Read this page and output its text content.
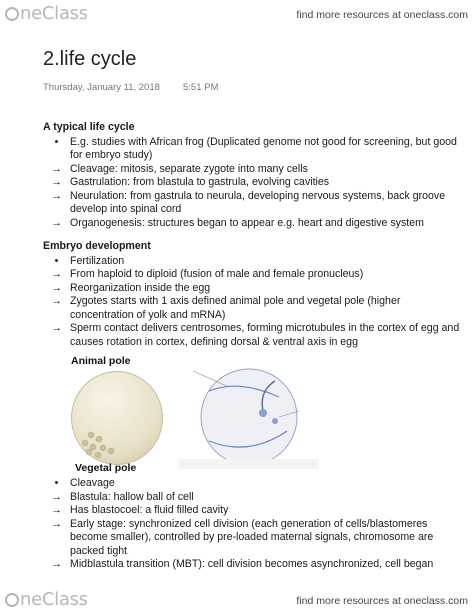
neClass	find more resources at oneclass.com
2.life cycle
Thursday, January 11, 2018 5:51 PM
A typical life cycle
•	E.g. studies with African frog (Duplicated genome not good for screening, but good for embryo study)
→ Cleavage: mitosis, separate zygote into many cells
→ Gastrulation: from blastula to gastrula, evolving cavities
→ Neurulation: from gastrula to neurula, developing nervous systems, back groove develop into spinal cord
→ Organogenesis: structures began to appear e.g. heart and digestive system
Embryo development
•	Fertilization
→ From haploid to diploid (fusion of male and female pronucleus)
→ Reorganization inside the egg
→ Zygotes starts with 1 axis defined animal pole and vegetal pole (higher concentration of yolk and mRNA)
→ Sperm contact delivers centrosomes, forming microtubules in the cortex of egg and causes rotation in cortex, defining dorsal & ventral axis in egg
Animal pole
Vegetal pole
•	Cleavage
→ Blastula: hallow ball of cell
→ Has blastocoel: a fluid filled cavity
→ Early stage: synchronized cell division (each generation of cells/blastomeres become smaller), controlled by pre-loaded maternal signals, chromosome are packed tight
→ Midblastula transition (MBT): cell division becomes asynchronized, cell began
neClass	find more resources at oneclass.com
